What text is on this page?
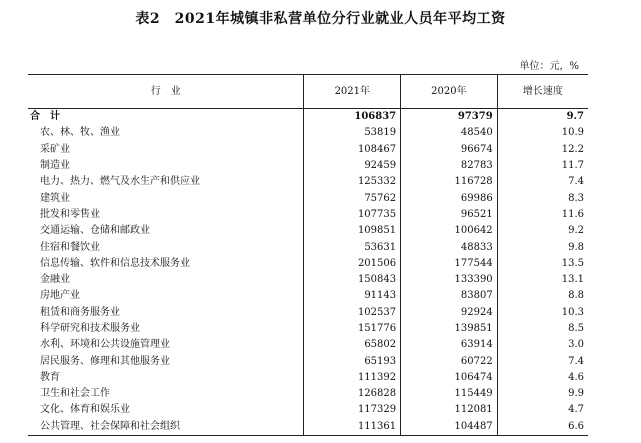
表2　2021年城镇非私营单位分行业就业人员年平均工资
单位：元，%
行　业	2021年	2020年	增长速度
合　计	106837	97379	9.7
农、林、牧、渔业	53819	48540	10.9
采矿业	108467	96674	12.2
制造业	92459	82783	11.7
电力、热力、燃气及水生产和供应业	125332	116728	7.4
建筑业	75762	69986	8.3
批发和零售业	107735	96521	11.6
交通运输、仓储和邮政业	109851	100642	9.2
住宿和餐饮业	53631	48833	9.8
信息传输、软件和信息技术服务业	201506	177544	13.5
金融业	150843	133390	13.1
房地产业	91143	83807	8.8
租赁和商务服务业	102537	92924	10.3
科学研究和技术服务业	151776	139851	8.5
水利、环境和公共设施管理业	65802	63914	3.0
居民服务、修理和其他服务业	65193	60722	7.4
教育	111392	106474	4.6
卫生和社会工作	126828	115449	9.9
文化、体育和娱乐业	117329	112081	4.7
公共管理、社会保障和社会组织	111361	104487	6.6
